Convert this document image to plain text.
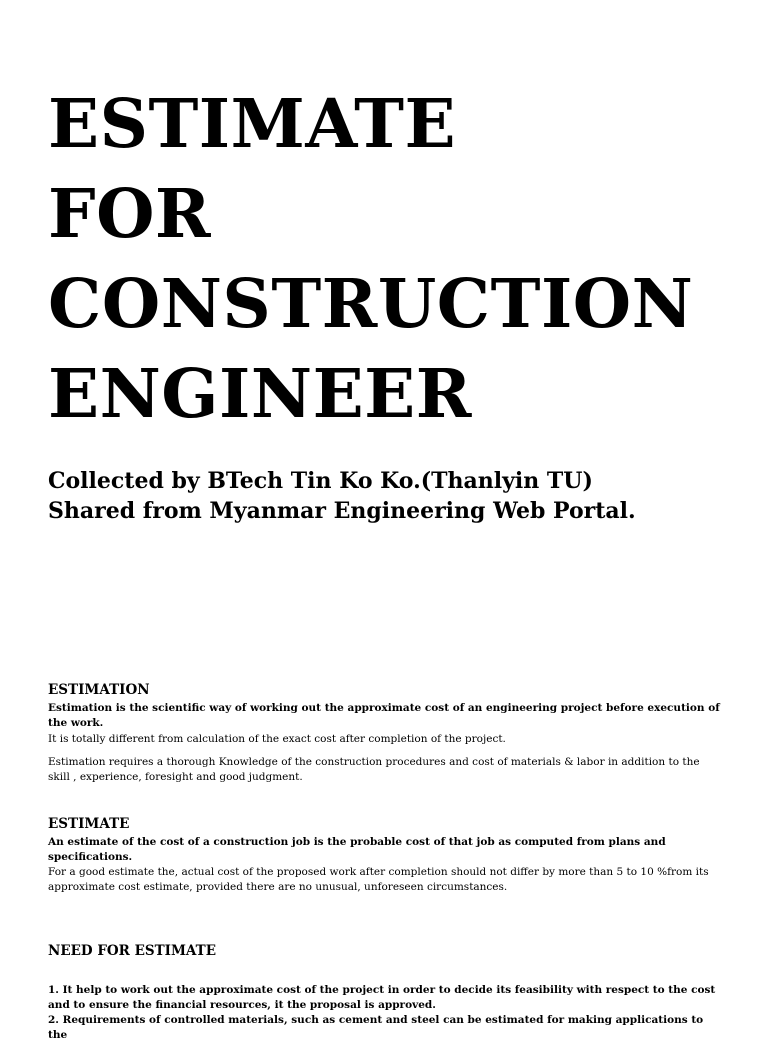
ESTIMATE
FOR
CONSTRUCTION
ENGINEER

Collected by BTech Tin Ko Ko.(Thanlyin TU)

Shared from Myanmar Engineering Web Portal.

ESTIMATION

Estimation is the scientific way of working out the approximate cost of an engineering project before execution of the work.

It is totally different from calculation of the exact cost after completion of the project.

Estimation requires a thorough Knowledge of the construction procedures and cost of materials & labor in addition to the skill , experience, foresight and good judgment.

ESTIMATE

An estimate of the cost of a construction job is the probable cost of that job as computed from plans and specifications.

For a good estimate the, actual cost of the proposed work after completion should not differ by more than 5 to 10 %from its approximate cost estimate, provided there are no unusual, unforeseen circumstances.

NEED FOR ESTIMATE

1. It help to work out the approximate cost of the project in order to decide its feasibility with respect to the cost and to ensure the financial resources, it the proposal is approved.

2. Requirements of controlled materials, such as cement and steel can be estimated for making applications to the
